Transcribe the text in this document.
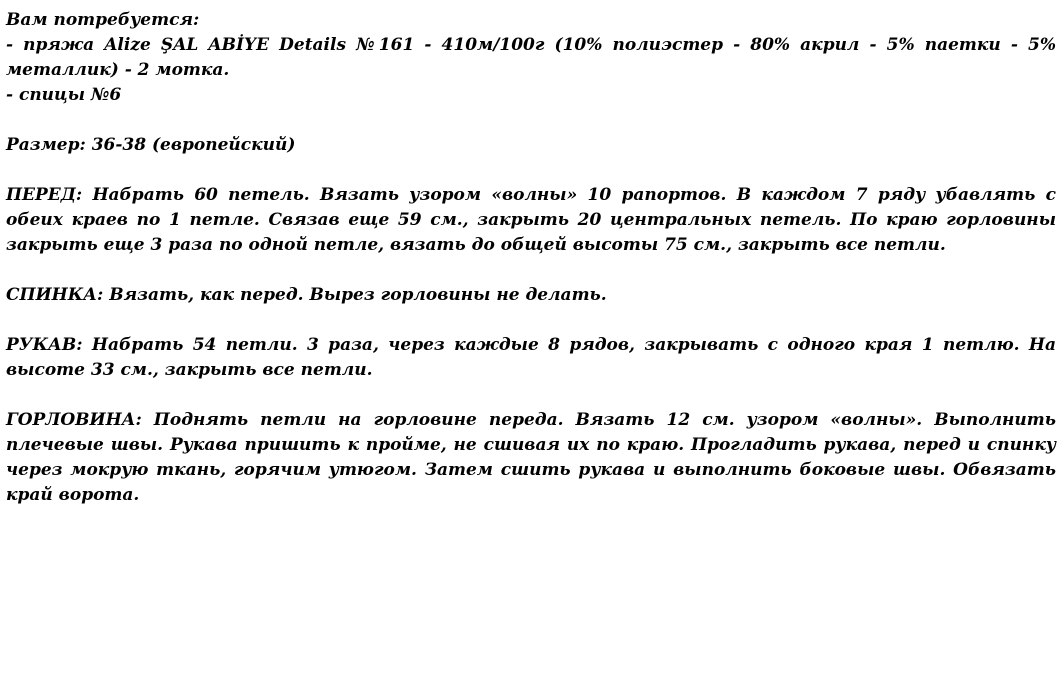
Вам потребуется:
- пряжа Alize ŞAL ABİYE Details №161 - 410м/100г (10% полиэстер - 80% акрил - 5% паетки - 5% металлик) - 2 мотка.
- спицы №6
Размер: 36-38 (европейский)
ПЕРЕД: Набрать 60 петель. Вязать узором «волны» 10 рапортов. В каждом 7 ряду убавлять с обеих краев по 1 петле. Связав еще 59 см., закрыть 20 центральных петель. По краю горловины закрыть еще 3 раза по одной петле, вязать до общей высоты 75 см., закрыть все петли.
СПИНКА: Вязать, как перед. Вырез горловины не делать.
РУКАВ: Набрать 54 петли. 3 раза, через каждые 8 рядов, закрывать с одного края 1 петлю. На высоте 33 см., закрыть все петли.
ГОРЛОВИНА: Поднять петли на горловине переда. Вязать 12 см. узором «волны». Выполнить плечевые швы. Рукава пришить к пройме, не сшивая их по краю. Прогладить рукава, перед и спинку через мокрую ткань, горячим утюгом. Затем сшить рукава и выполнить боковые швы. Обвязать край ворота.
